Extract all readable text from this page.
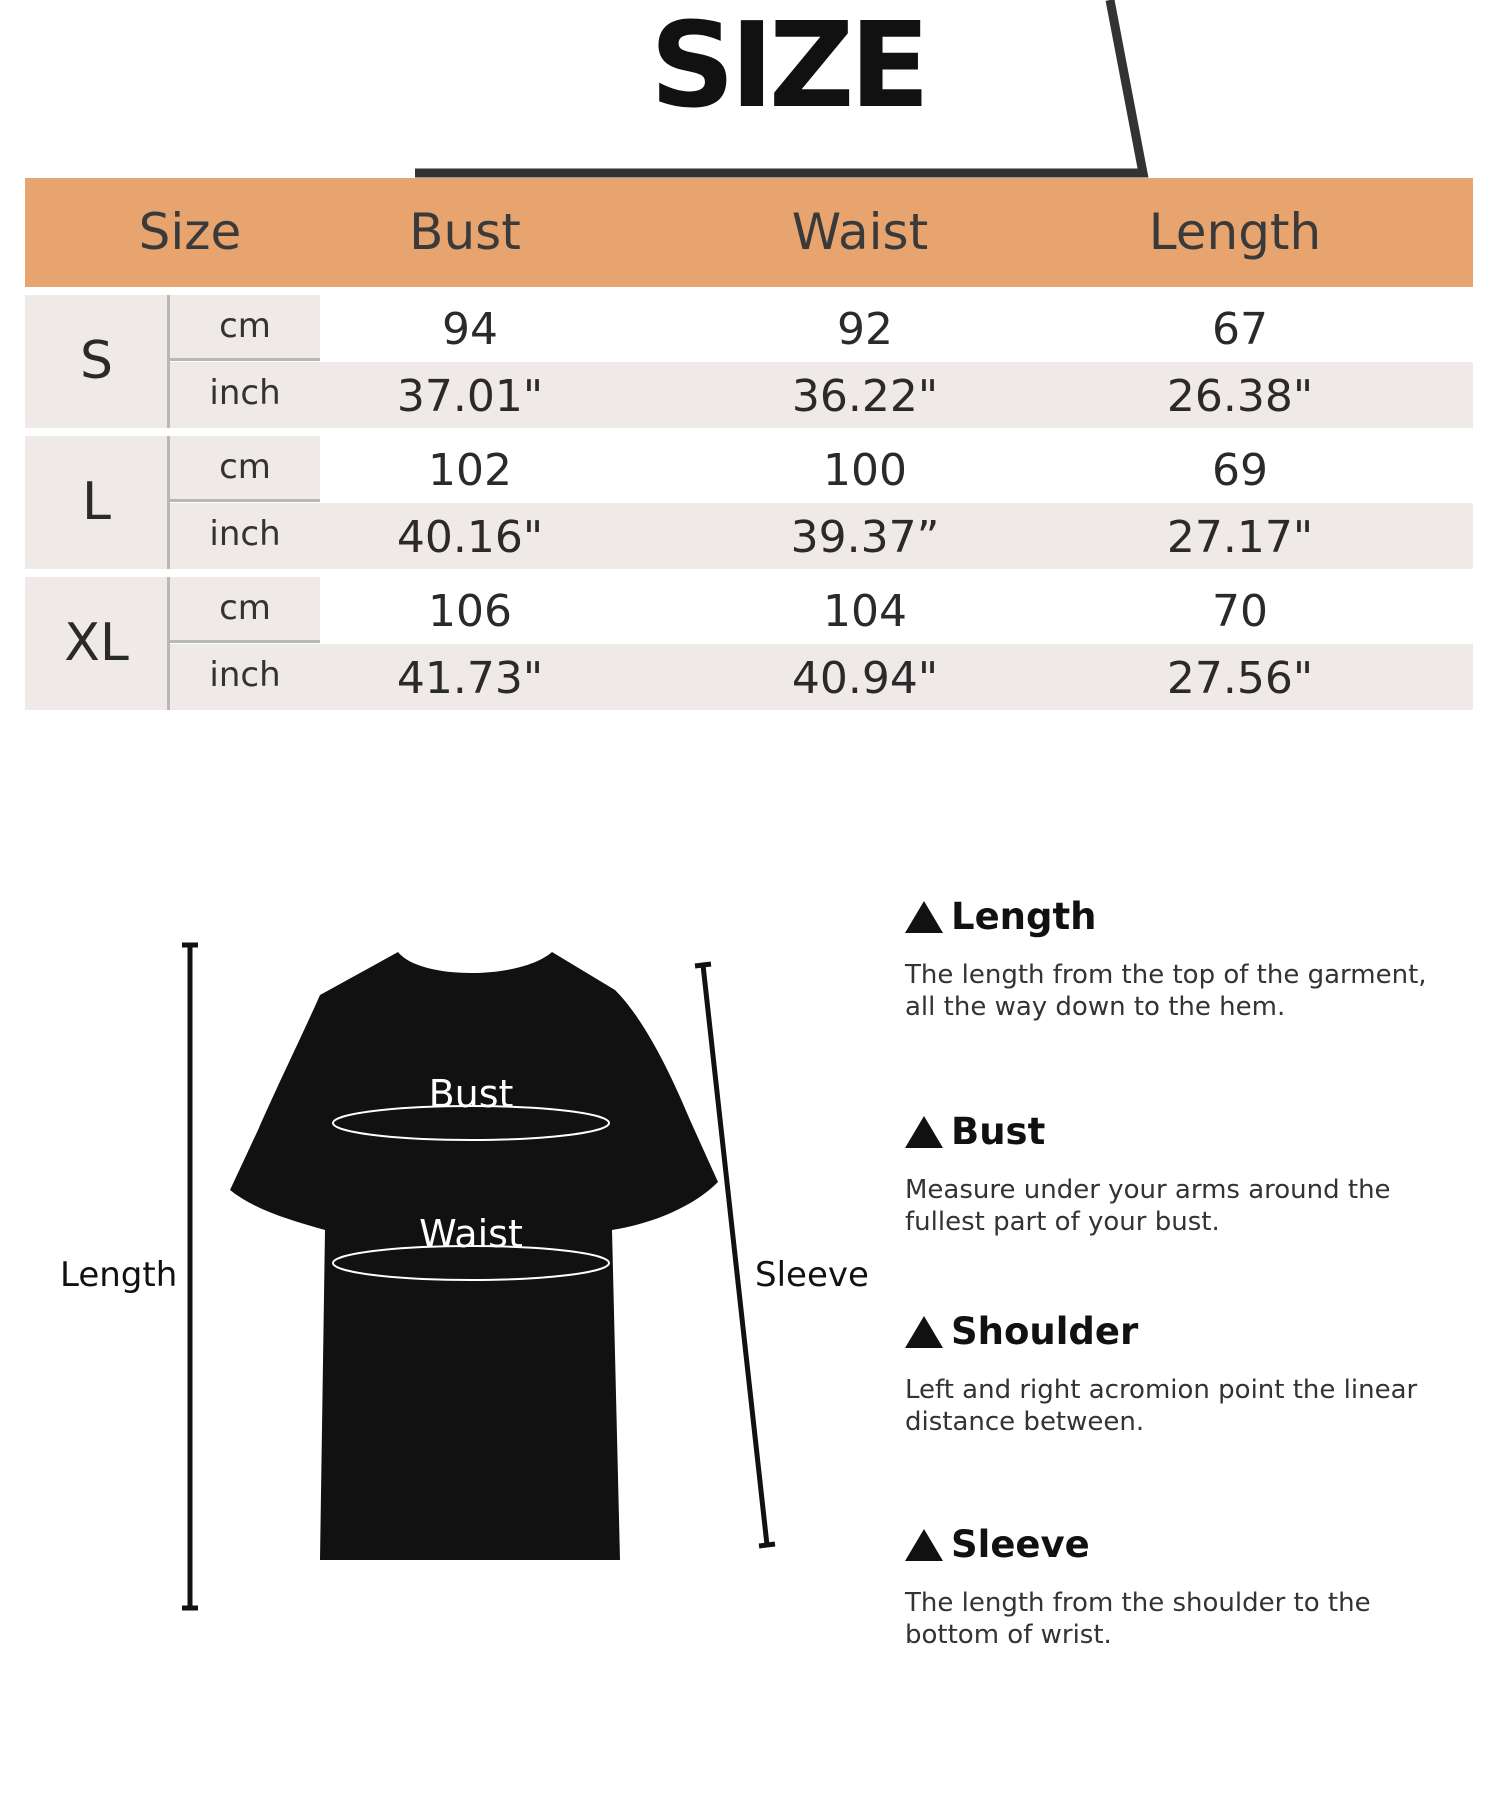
SIZE
Size	Bust	Waist	Length
S
cm	94	92	67
inch	37.01"	36.22"	26.38"
L
cm	102	100	69
inch	40.16"	39.37”	27.17"
XL
cm	106	104	70
inch	41.73"	40.94"	27.56"
Length	Sleeve
Bust
Waist
Length
The length from the top of the garment, all the way down to the hem.
Bust
Measure under your arms around the fullest part of your bust.
Shoulder
Left and right acromion point the linear distance between.
Sleeve
The length from the shoulder to the bottom of wrist.
